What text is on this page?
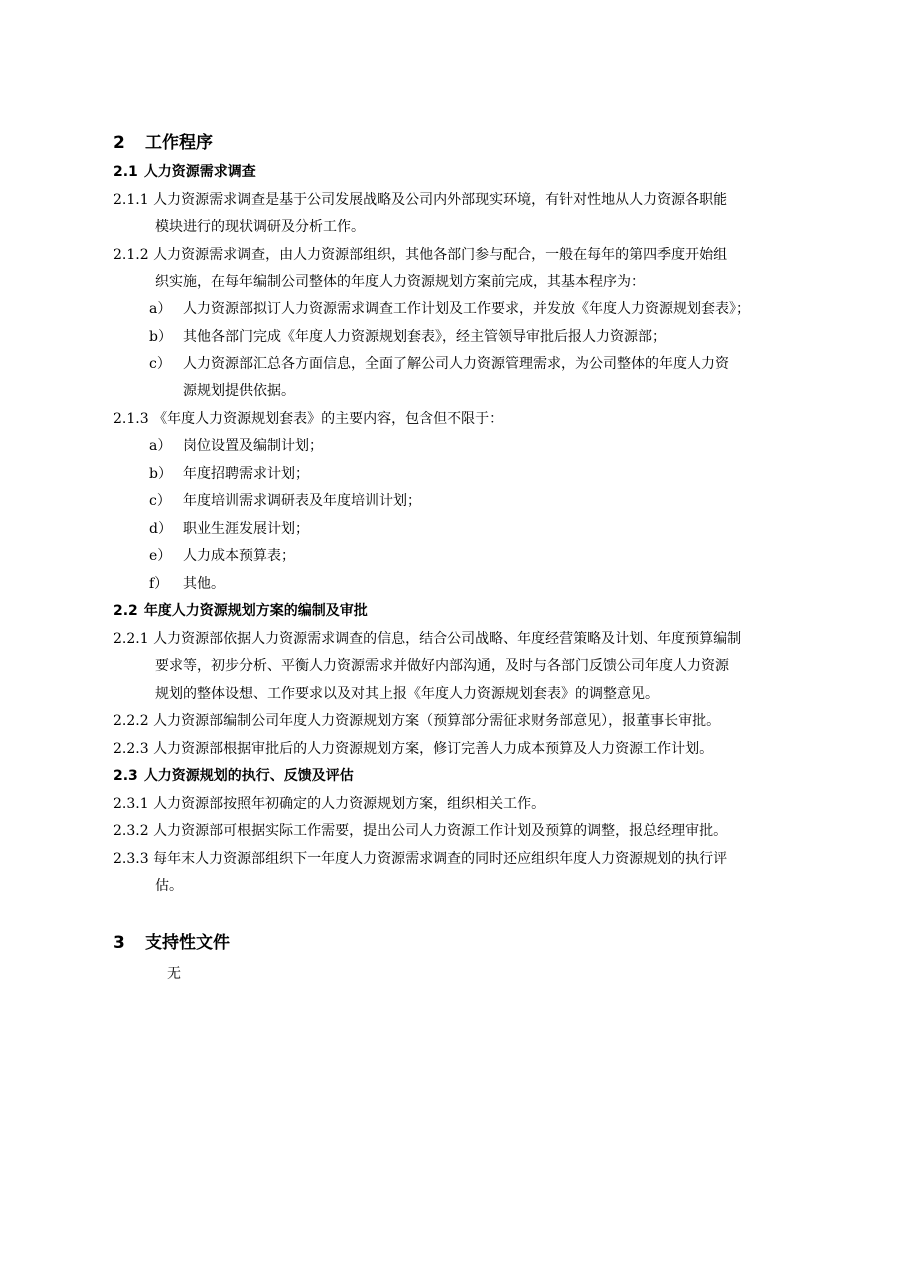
2 工作程序
2.1 人力资源需求调查
2.1.1 人力资源需求调查是基于公司发展战略及公司内外部现实环境，有针对性地从人力资源各职能
模块进行的现状调研及分析工作。
2.1.2 人力资源需求调查，由人力资源部组织，其他各部门参与配合，一般在每年的第四季度开始组
织实施，在每年编制公司整体的年度人力资源规划方案前完成，其基本程序为：
a） 人力资源部拟订人力资源需求调查工作计划及工作要求，并发放《年度人力资源规划套表》；
b） 其他各部门完成《年度人力资源规划套表》，经主管领导审批后报人力资源部；
c） 人力资源部汇总各方面信息，全面了解公司人力资源管理需求，为公司整体的年度人力资
源规划提供依据。
2.1.3 《年度人力资源规划套表》的主要内容，包含但不限于：
a） 岗位设置及编制计划；
b） 年度招聘需求计划；
c） 年度培训需求调研表及年度培训计划；
d） 职业生涯发展计划；
e） 人力成本预算表；
f） 其他。
2.2 年度人力资源规划方案的编制及审批
2.2.1 人力资源部依据人力资源需求调查的信息，结合公司战略、年度经营策略及计划、年度预算编制
要求等，初步分析、平衡人力资源需求并做好内部沟通，及时与各部门反馈公司年度人力资源
规划的整体设想、工作要求以及对其上报《年度人力资源规划套表》的调整意见。
2.2.2 人力资源部编制公司年度人力资源规划方案（预算部分需征求财务部意见），报董事长审批。
2.2.3 人力资源部根据审批后的人力资源规划方案，修订完善人力成本预算及人力资源工作计划。
2.3 人力资源规划的执行、反馈及评估
2.3.1 人力资源部按照年初确定的人力资源规划方案，组织相关工作。
2.3.2 人力资源部可根据实际工作需要，提出公司人力资源工作计划及预算的调整，报总经理审批。
2.3.3 每年末人力资源部组织下一年度人力资源需求调查的同时还应组织年度人力资源规划的执行评
估。
3 支持性文件
无
